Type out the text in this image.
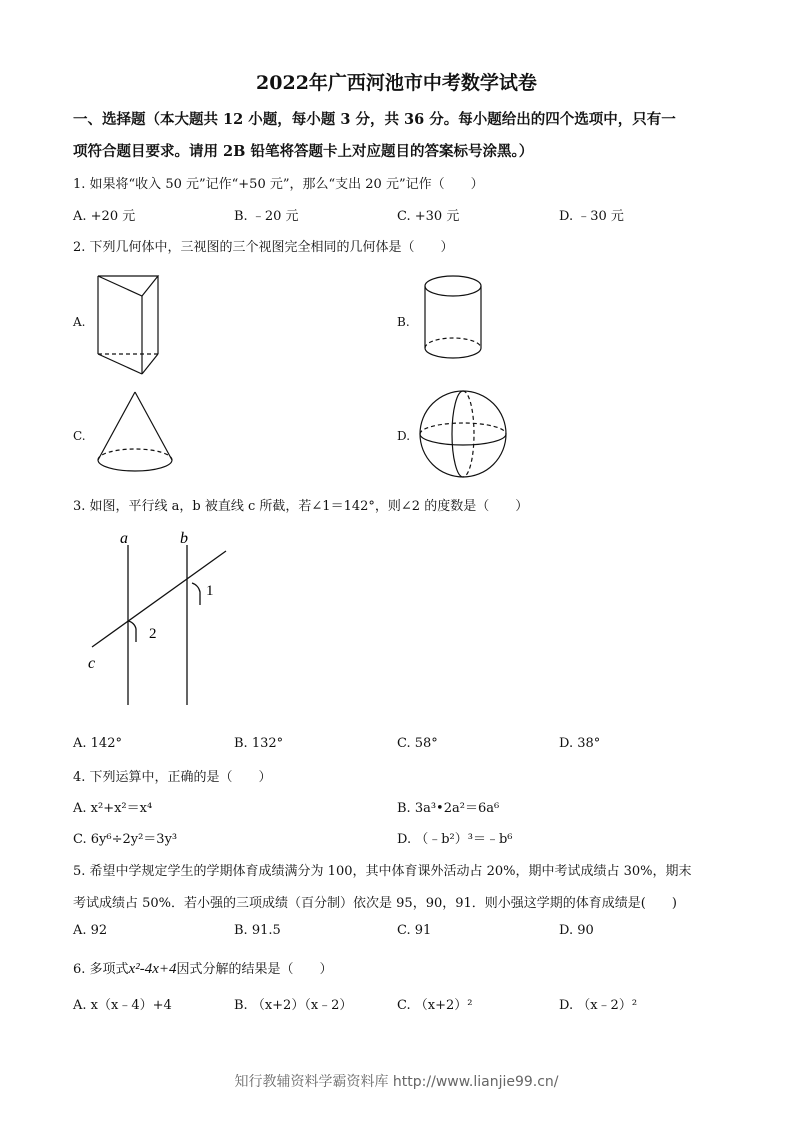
2022年广西河池市中考数学试卷
一、选择题（本大题共 12 小题，每小题 3 分，共 36 分。每小题给出的四个选项中，只有一
项符合题目要求。请用 2B 铅笔将答题卡上对应题目的答案标号涂黑。）
1. 如果将“收入 50 元”记作“+50 元”，那么“支出 20 元”记作（　　）
A. +20 元	B. ﹣20 元	C. +30 元	D. ﹣30 元
2. 下列几何体中，三视图的三个视图完全相同的几何体是（　　）
A.	B.
C.	D.
3. 如图，平行线 a，b 被直线 c 所截，若∠1＝142°，则∠2 的度数是（　　）
a	b
c
1
2
A. 142°	B. 132°	C. 58°	D. 38°
4. 下列运算中，正确的是（　　）
A. x²+x²＝x⁴	B. 3a³•2a²＝6a⁶
C. 6y⁶÷2y²＝3y³	D. （﹣b²）³＝﹣b⁶
5. 希望中学规定学生的学期体育成绩满分为 100，其中体育课外活动占 20%，期中考试成绩占 30%，期末
考试成绩占 50%．若小强的三项成绩（百分制）依次是 95，90，91．则小强这学期的体育成绩是(　　)
A. 92	B. 91.5	C. 91	D. 90
6. 多项式x²-4x+4因式分解的结果是（　　）
A. x（x﹣4）+4	B. （x+2）（x﹣2）	C. （x+2）²	D. （x﹣2）²
知行教辅资料学霸资料库 http://www.lianjie99.cn/
